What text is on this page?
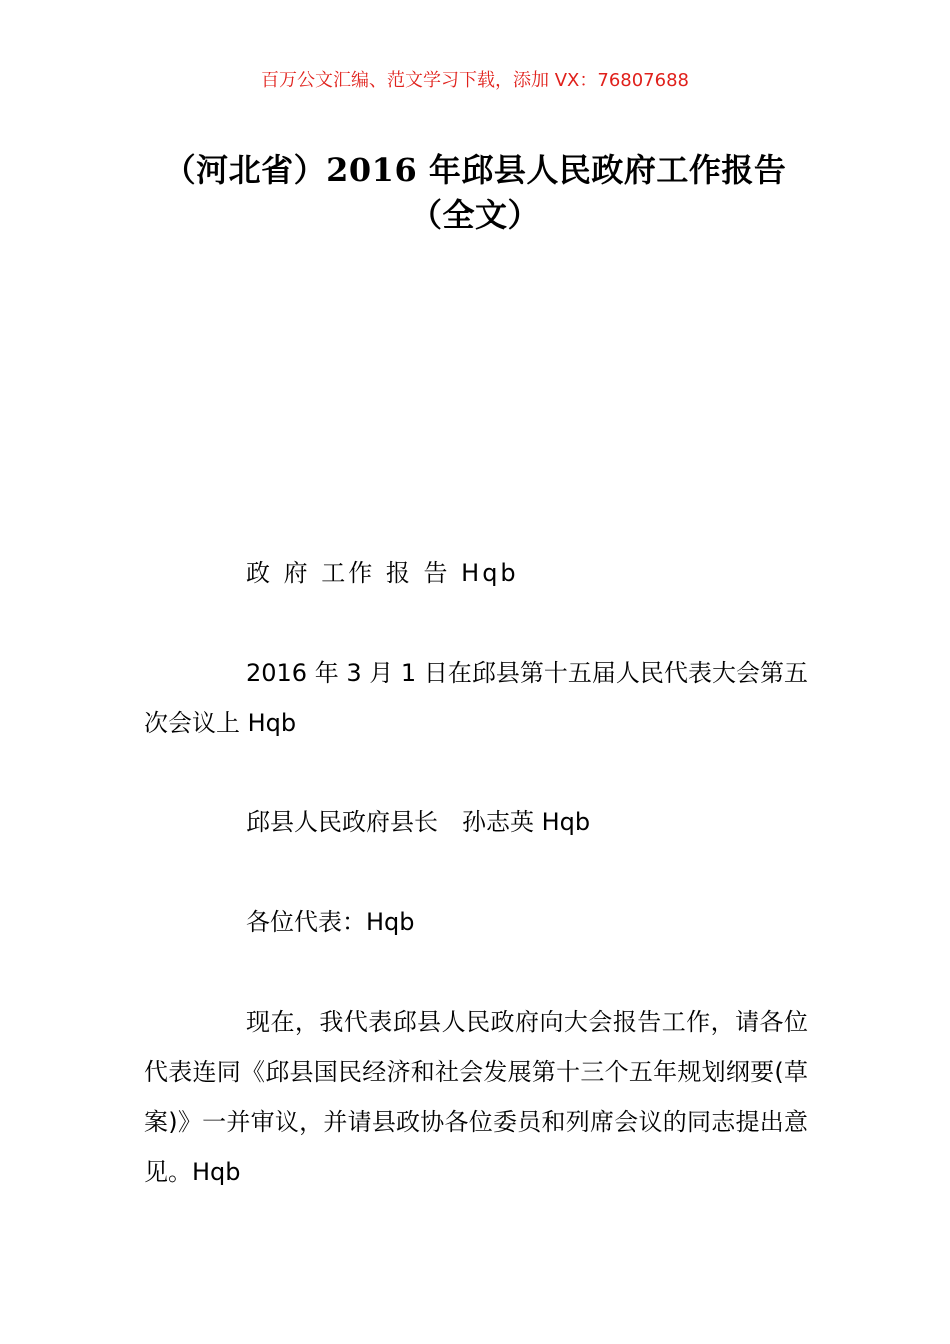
百万公文汇编、范文学习下载，添加 VX：76807688
（河北省）2016 年邱县人民政府工作报告
（全文）
政 府 工作 报 告 Hqb
2016 年 3 月 1 日在邱县第十五届人民代表大会第五次会议上 Hqb
邱县人民政府县长　孙志英 Hqb
各位代表：Hqb
现在，我代表邱县人民政府向大会报告工作，请各位代表连同《邱县国民经济和社会发展第十三个五年规划纲要(草案)》一并审议，并请县政协各位委员和列席会议的同志提出意见。Hqb
